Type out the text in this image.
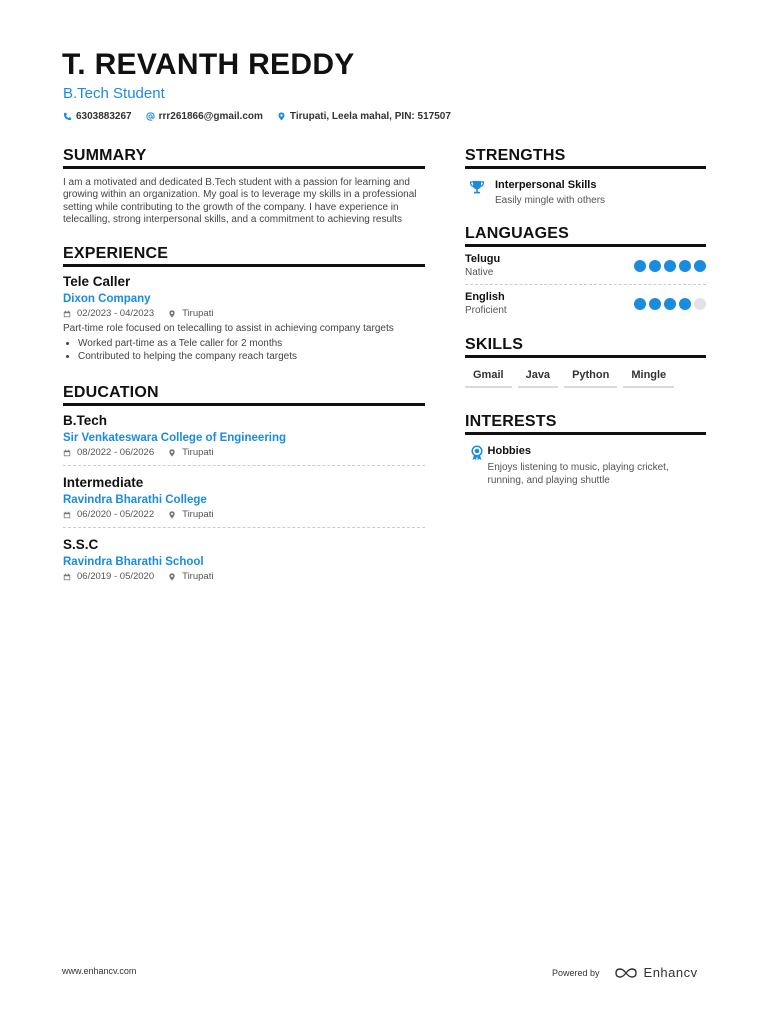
T. REVANTH REDDY
B.Tech Student
6303883267	rrr261866@gmail.com	Tirupati, Leela mahal, PIN: 517507
SUMMARY

I am a motivated and dedicated B.Tech student with a passion for learning and growing within an organization. My goal is to leverage my skills in a professional setting while contributing to the growth of the company. I have experience in telecalling, strong interpersonal skills, and a commitment to achieving results

EXPERIENCE
Tele Caller
Dixon Company
02/2023 - 04/2023	Tirupati
Part-time role focused on telecalling to assist in achieving company targets
• Worked part-time as a Tele caller for 2 months
• Contributed to helping the company reach targets
EDUCATION
B.Tech
Sir Venkateswara College of Engineering
08/2022 - 06/2026	Tirupati
Intermediate
Ravindra Bharathi College
06/2020 - 05/2022	Tirupati
S.S.C
Ravindra Bharathi School
06/2019 - 05/2020	Tirupati
STRENGTHS
Interpersonal Skills
Easily mingle with others
LANGUAGES
Telugu
Native
English
Proficient
SKILLS
Gmail	Java	Python	Mingle
INTERESTS
Hobbies
Enjoys listening to music, playing cricket, running, and playing shuttle
www.enhancv.com	Powered by	Enhancv
